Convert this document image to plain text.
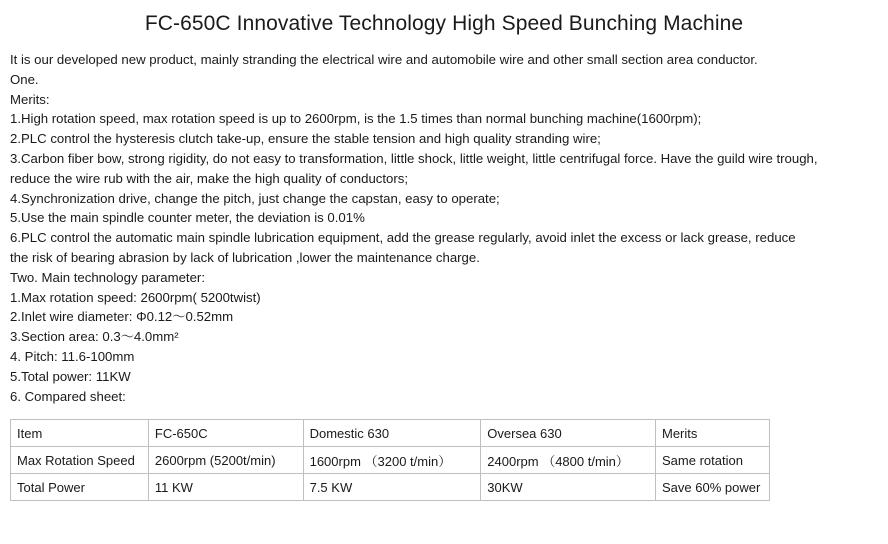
FC-650C Innovative Technology High Speed Bunching Machine

It is our developed new product, mainly stranding the electrical wire and automobile wire and other small section area conductor.

One.

Merits:

1.High rotation speed, max rotation speed is up to 2600rpm, is the 1.5 times than normal bunching machine(1600rpm);

2.PLC control the hysteresis clutch take-up, ensure the stable tension and high quality stranding wire;

3.Carbon fiber bow, strong rigidity, do not easy to transformation, little shock, little weight, little centrifugal force. Have the guild wire trough,

reduce the wire rub with the air, make the high quality of conductors;

4.Synchronization drive, change the pitch, just change the capstan, easy to operate;

5.Use the main spindle counter meter, the deviation is 0.01%

6.PLC control the automatic main spindle lubrication equipment, add the grease regularly, avoid inlet the excess or lack grease, reduce

the risk of bearing abrasion by lack of lubrication ,lower the maintenance charge.

Two. Main technology parameter:

1.Max rotation speed: 2600rpm( 5200twist)

2.Inlet wire diameter: Φ0.12～0.52mm

3.Section area: 0.3～4.0mm²

4. Pitch: 11.6-100mm

5.Total power: 11KW

6. Compared sheet:

Item	FC-650C	Domestic 630	Oversea 630	Merits
Max Rotation Speed	2600rpm (5200t/min)	1600rpm （3200 t/min）	2400rpm （4800 t/min）	Same rotation
Total Power	11 KW	7.5 KW	30KW	Save 60% power
